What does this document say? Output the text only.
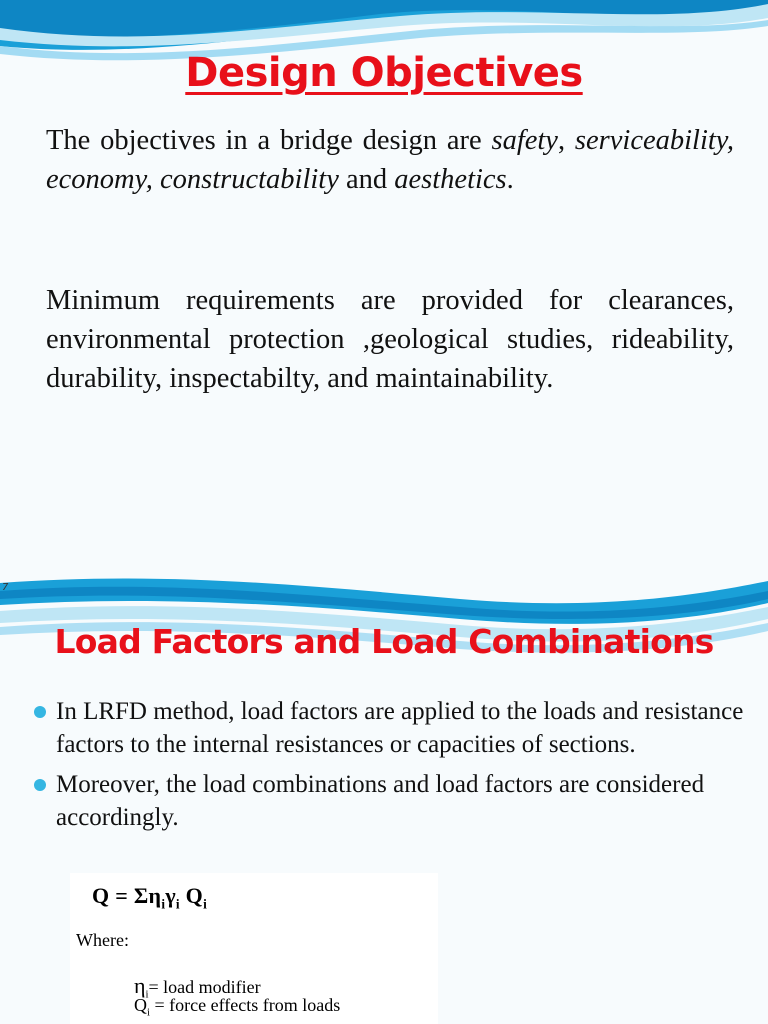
Design Objectives
The objectives in a bridge design are safety, serviceability, economy, constructability and aesthetics.
Minimum requirements are provided for clearances, environmental protection ,geological studies, rideability, durability, inspectabilty, and maintainability.
7
Load Factors and Load Combinations
In LRFD method, load factors are applied to the loads and resistance factors to the internal resistances or capacities of sections.
Moreover, the load combinations and load factors are considered accordingly.
$Q = \Sigma\eta_i\gamma_i$ $Q_i$
Where:
$\eta_i=$ load modifier
$Q_i$ = force effects from loads
